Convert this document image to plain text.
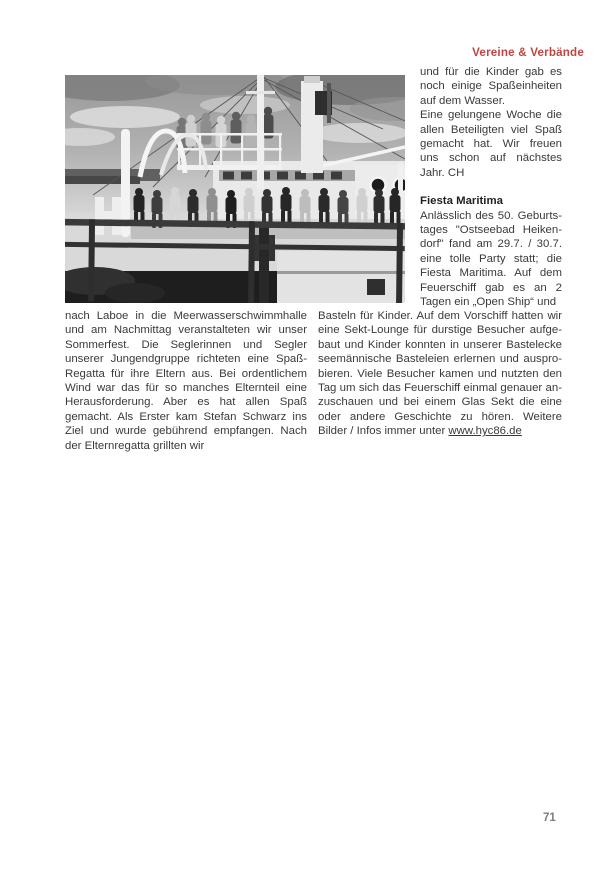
Vereine & Verbände

und für die Kinder gab es noch einige Spaßeinheiten auf dem Wasser.

Eine gelungene Woche die allen Beteiligten viel Spaß gemacht hat. Wir freuen uns schon auf nächstes Jahr. CH

Fiesta Maritima

Anlässlich des 50. Geburtstages "Ostseebad Heikendorf" fand am 29.7. / 30.7. eine tolle Party statt; die Fiesta Maritima. Auf dem Feuerschiff gab es an 2 Tagen ein „Open Ship“ und

nach Laboe in die Meerwasserschwimmhalle und am Nachmittag veranstalteten wir unser Sommerfest. Die Seglerinnen und Segler unserer Jungendgruppe richteten eine Spaß-Regatta für ihre Eltern aus. Bei ordentlichem Wind war das für so manches Elternteil eine Herausforderung. Aber es hat allen Spaß gemacht. Als Erster kam Stefan Schwarz ins Ziel und wurde gebührend empfangen. Nach der Elternregatta grillten wir

Basteln für Kinder. Auf dem Vorschiff hatten wir eine Sekt-Lounge für durstige Besucher aufgebaut und Kinder konnten in unserer Bastelecke seemännische Basteleien erlernen und ausprobieren. Viele Besucher kamen und nutzten den Tag um sich das Feuerschiff einmal genauer anzuschauen und bei einem Glas Sekt die eine oder andere Geschichte zu hören. Weitere Bilder / Infos immer unter www.hyc86.de

71
